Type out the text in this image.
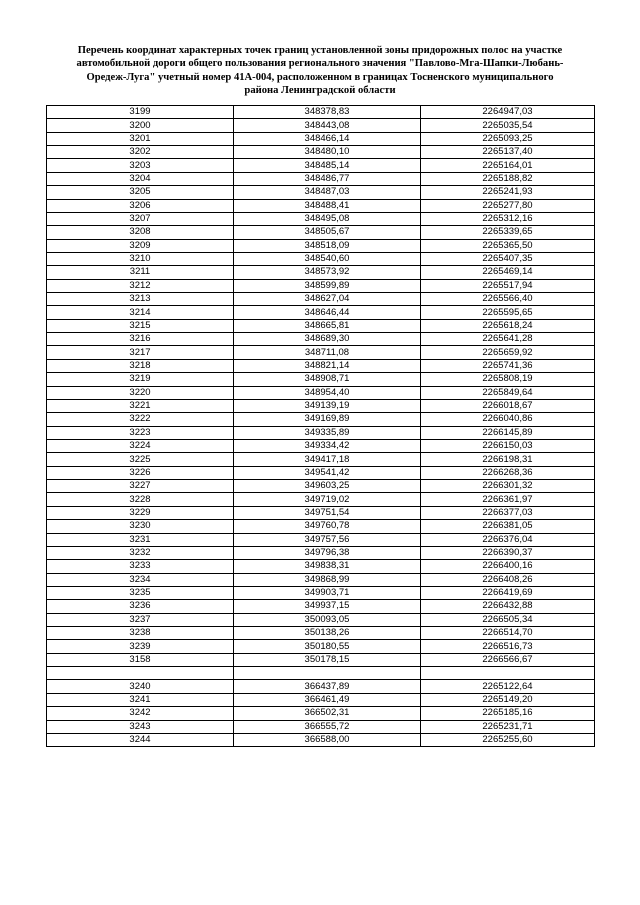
Перечень координат характерных точек границ установленной зоны придорожных полос на участке
автомобильной дороги общего пользования регионального значения "Павлово-Мга-Шапки-Любань-
Оредеж-Луга" учетный номер 41А-004, расположенном в границах Тосненского муниципального
района Ленинградской области
3199	348378,83	2264947,03
3200	348443,08	2265035,54
3201	348466,14	2265093,25
3202	348480,10	2265137,40
3203	348485,14	2265164,01
3204	348486,77	2265188,82
3205	348487,03	2265241,93
3206	348488,41	2265277,80
3207	348495,08	2265312,16
3208	348505,67	2265339,65
3209	348518,09	2265365,50
3210	348540,60	2265407,35
3211	348573,92	2265469,14
3212	348599,89	2265517,94
3213	348627,04	2265566,40
3214	348646,44	2265595,65
3215	348665,81	2265618,24
3216	348689,30	2265641,28
3217	348711,08	2265659,92
3218	348821,14	2265741,36
3219	348908,71	2265808,19
3220	348954,40	2265849,64
3221	349139,19	2266018,67
3222	349169,89	2266040,86
3223	349335,89	2266145,89
3224	349334,42	2266150,03
3225	349417,18	2266198,31
3226	349541,42	2266268,36
3227	349603,25	2266301,32
3228	349719,02	2266361,97
3229	349751,54	2266377,03
3230	349760,78	2266381,05
3231	349757,56	2266376,04
3232	349796,38	2266390,37
3233	349838,31	2266400,16
3234	349868,99	2266408,26
3235	349903,71	2266419,69
3236	349937,15	2266432,88
3237	350093,05	2266505,34
3238	350138,26	2266514,70
3239	350180,55	2266516,73
3158	350178,15	2266566,67

3240	366437,89	2265122,64
3241	366461,49	2265149,20
3242	366502,31	2265185,16
3243	366555,72	2265231,71
3244	366588,00	2265255,60
